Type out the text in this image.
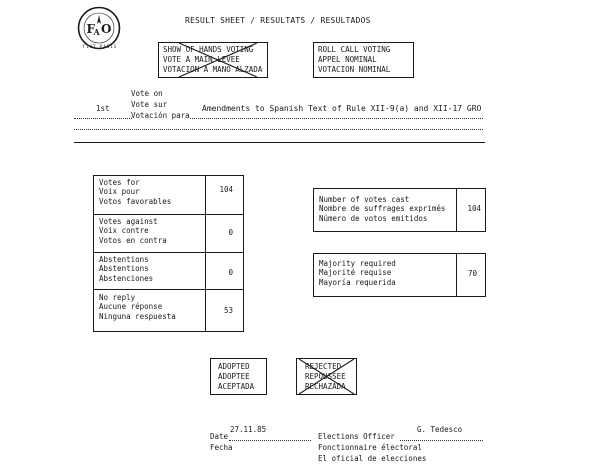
F
A O
FIAT PANIS
RESULT SHEET / RESULTATS / RESULTADOS
SHOW OF HANDS VOTING
VOTE A MAIN LEVEE
VOTACION A MANO ALZADA
ROLL CALL VOTING
APPEL NOMINAL
VOTACION NOMINAL
Vote on
Vote sur
1st
Votación para
Amendments to Spanish Text of Rule XII-9(a) and XII-17 GRO
Votes for
Voix pour
Votos favorables
104
Votes against
Voix contre
Votos en contra
0
Abstentions
Abstentions
Abstenciones
0
No reply
Aucune réponse
Ninguna respuesta
53
Number of votes cast
Nombre de suffrages exprimés
Número de votos emitidos
104
Majority required
Majorité requise
Mayoría requerida
70
ADOPTED
ADOPTEE
ACEPTADA
REJECTED
REPOUSSEE
RECHAZADA
27.11.85
Date
Fecha
G. Tedesco
Elections Officer
Fonctionnaire électoral
El oficial de elecciones
